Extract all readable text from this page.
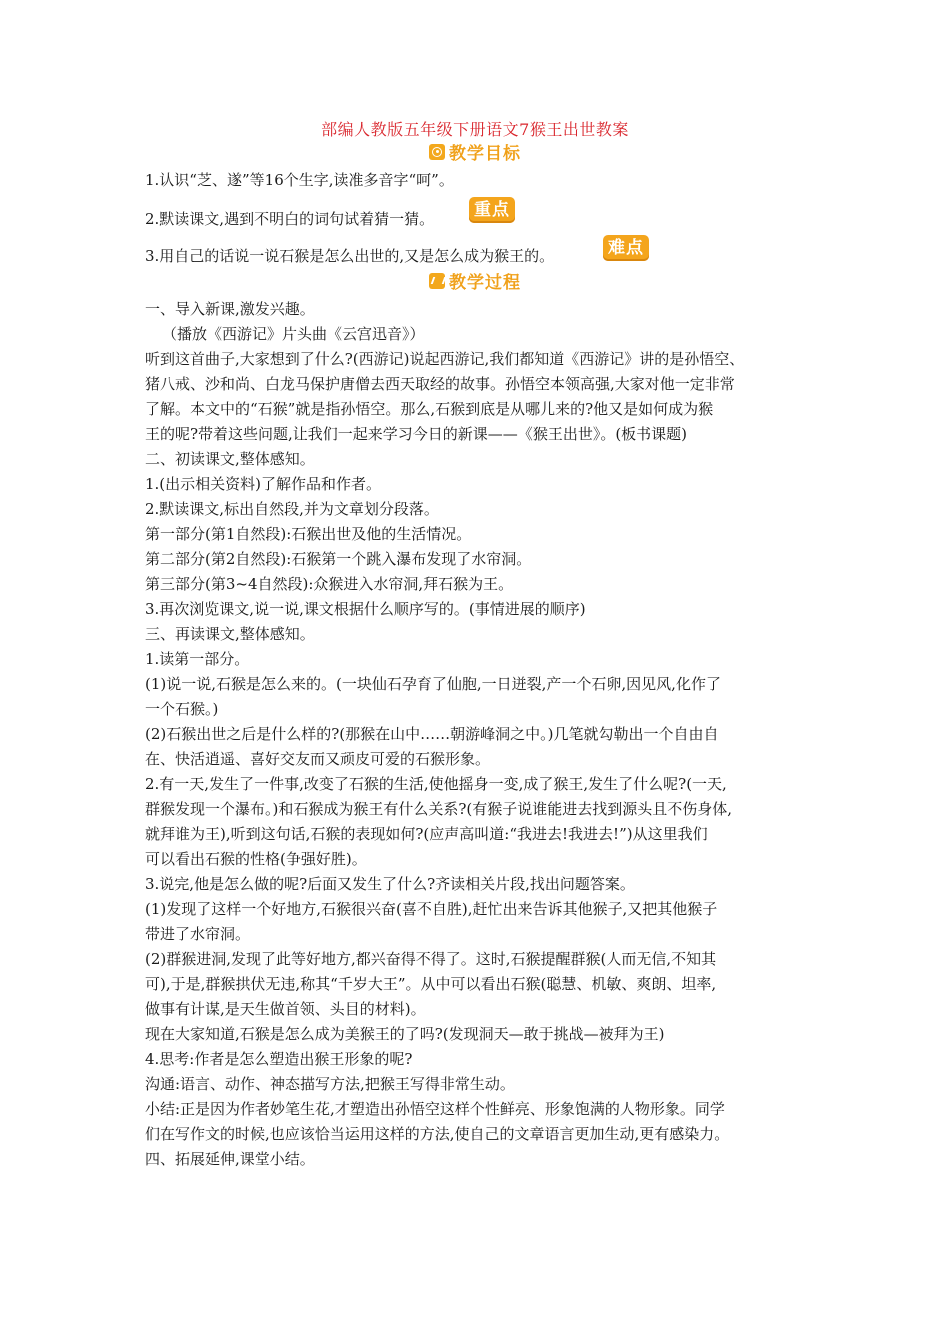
部编人教版五年级下册语文7猴王出世教案
教学目标
1.认识“芝、遂”等16个生字,读准多音字“呵”。
2.默读课文,遇到不明白的词句试着猜一猜。	重点
3.用自己的话说一说石猴是怎么出世的,又是怎么成为猴王的。	难点
教学过程
一、导入新课,激发兴趣。
（播放《西游记》片头曲《云宫迅音》）
听到这首曲子,大家想到了什么?(西游记)说起西游记,我们都知道《西游记》讲的是孙悟空、
猪八戒、沙和尚、白龙马保护唐僧去西天取经的故事。孙悟空本领高强,大家对他一定非常
了解。本文中的“石猴”就是指孙悟空。那么,石猴到底是从哪儿来的?他又是如何成为猴
王的呢?带着这些问题,让我们一起来学习今日的新课——《猴王出世》。(板书课题)
二、初读课文,整体感知。
1.(出示相关资料)了解作品和作者。
2.默读课文,标出自然段,并为文章划分段落。
第一部分(第1自然段):石猴出世及他的生活情况。
第二部分(第2自然段):石猴第一个跳入瀑布发现了水帘洞。
第三部分(第3~4自然段):众猴进入水帘洞,拜石猴为王。
3.再次浏览课文,说一说,课文根据什么顺序写的。(事情进展的顺序)
三、再读课文,整体感知。
1.读第一部分。
(1)说一说,石猴是怎么来的。(一块仙石孕育了仙胞,一日迸裂,产一个石卵,因见风,化作了
一个石猴。)
(2)石猴出世之后是什么样的?(那猴在山中……朝游峰洞之中。)几笔就勾勒出一个自由自
在、快活逍遥、喜好交友而又顽皮可爱的石猴形象。
2.有一天,发生了一件事,改变了石猴的生活,使他摇身一变,成了猴王,发生了什么呢?(一天,
群猴发现一个瀑布。)和石猴成为猴王有什么关系?(有猴子说谁能进去找到源头且不伤身体,
就拜谁为王),听到这句话,石猴的表现如何?(应声高叫道:“我进去!我进去!”)从这里我们
可以看出石猴的性格(争强好胜)。
3.说完,他是怎么做的呢?后面又发生了什么?齐读相关片段,找出问题答案。
(1)发现了这样一个好地方,石猴很兴奋(喜不自胜),赶忙出来告诉其他猴子,又把其他猴子
带进了水帘洞。
(2)群猴进洞,发现了此等好地方,都兴奋得不得了。这时,石猴提醒群猴(人而无信,不知其
可),于是,群猴拱伏无违,称其“千岁大王”。从中可以看出石猴(聪慧、机敏、爽朗、坦率,
做事有计谋,是天生做首领、头目的材料)。
现在大家知道,石猴是怎么成为美猴王的了吗?(发现洞天—敢于挑战—被拜为王)
4.思考:作者是怎么塑造出猴王形象的呢?
沟通:语言、动作、神态描写方法,把猴王写得非常生动。
小结:正是因为作者妙笔生花,才塑造出孙悟空这样个性鲜亮、形象饱满的人物形象。同学
们在写作文的时候,也应该恰当运用这样的方法,使自己的文章语言更加生动,更有感染力。
四、拓展延伸,课堂小结。
